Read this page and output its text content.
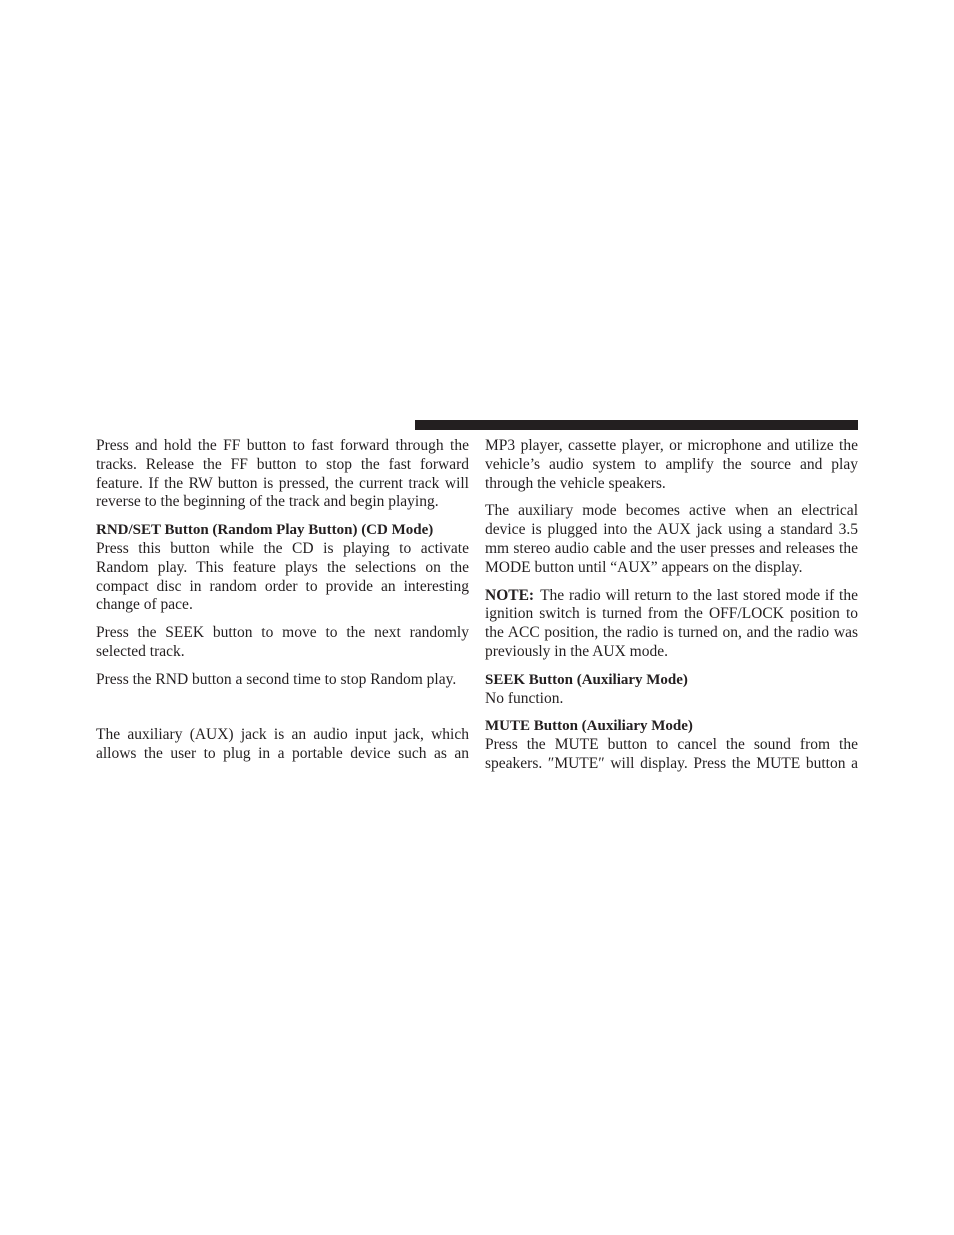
Press and hold the FF button to fast forward through the tracks. Release the FF button to stop the fast forward feature. If the RW button is pressed, the current track will reverse to the beginning of the track and begin playing.

RND/SET Button (Random Play Button) (CD Mode)

Press this button while the CD is playing to activate Random play. This feature plays the selections on the compact disc in random order to provide an interesting change of pace.

Press the SEEK button to move to the next randomly selected track.

Press the RND button a second time to stop Random play.

The auxiliary (AUX) jack is an audio input jack, which allows the user to plug in a portable device such as an

MP3 player, cassette player, or microphone and utilize the vehicle’s audio system to amplify the source and play through the vehicle speakers.

The auxiliary mode becomes active when an electrical device is plugged into the AUX jack using a standard 3.5 mm stereo audio cable and the user presses and releases the MODE button until “AUX” appears on the display.

NOTE: The radio will return to the last stored mode if the ignition switch is turned from the OFF/LOCK position to the ACC position, the radio is turned on, and the radio was previously in the AUX mode.

SEEK Button (Auxiliary Mode)

No function.

MUTE Button (Auxiliary Mode)

Press the MUTE button to cancel the sound from the speakers. ″MUTE″ will display. Press the MUTE button a
